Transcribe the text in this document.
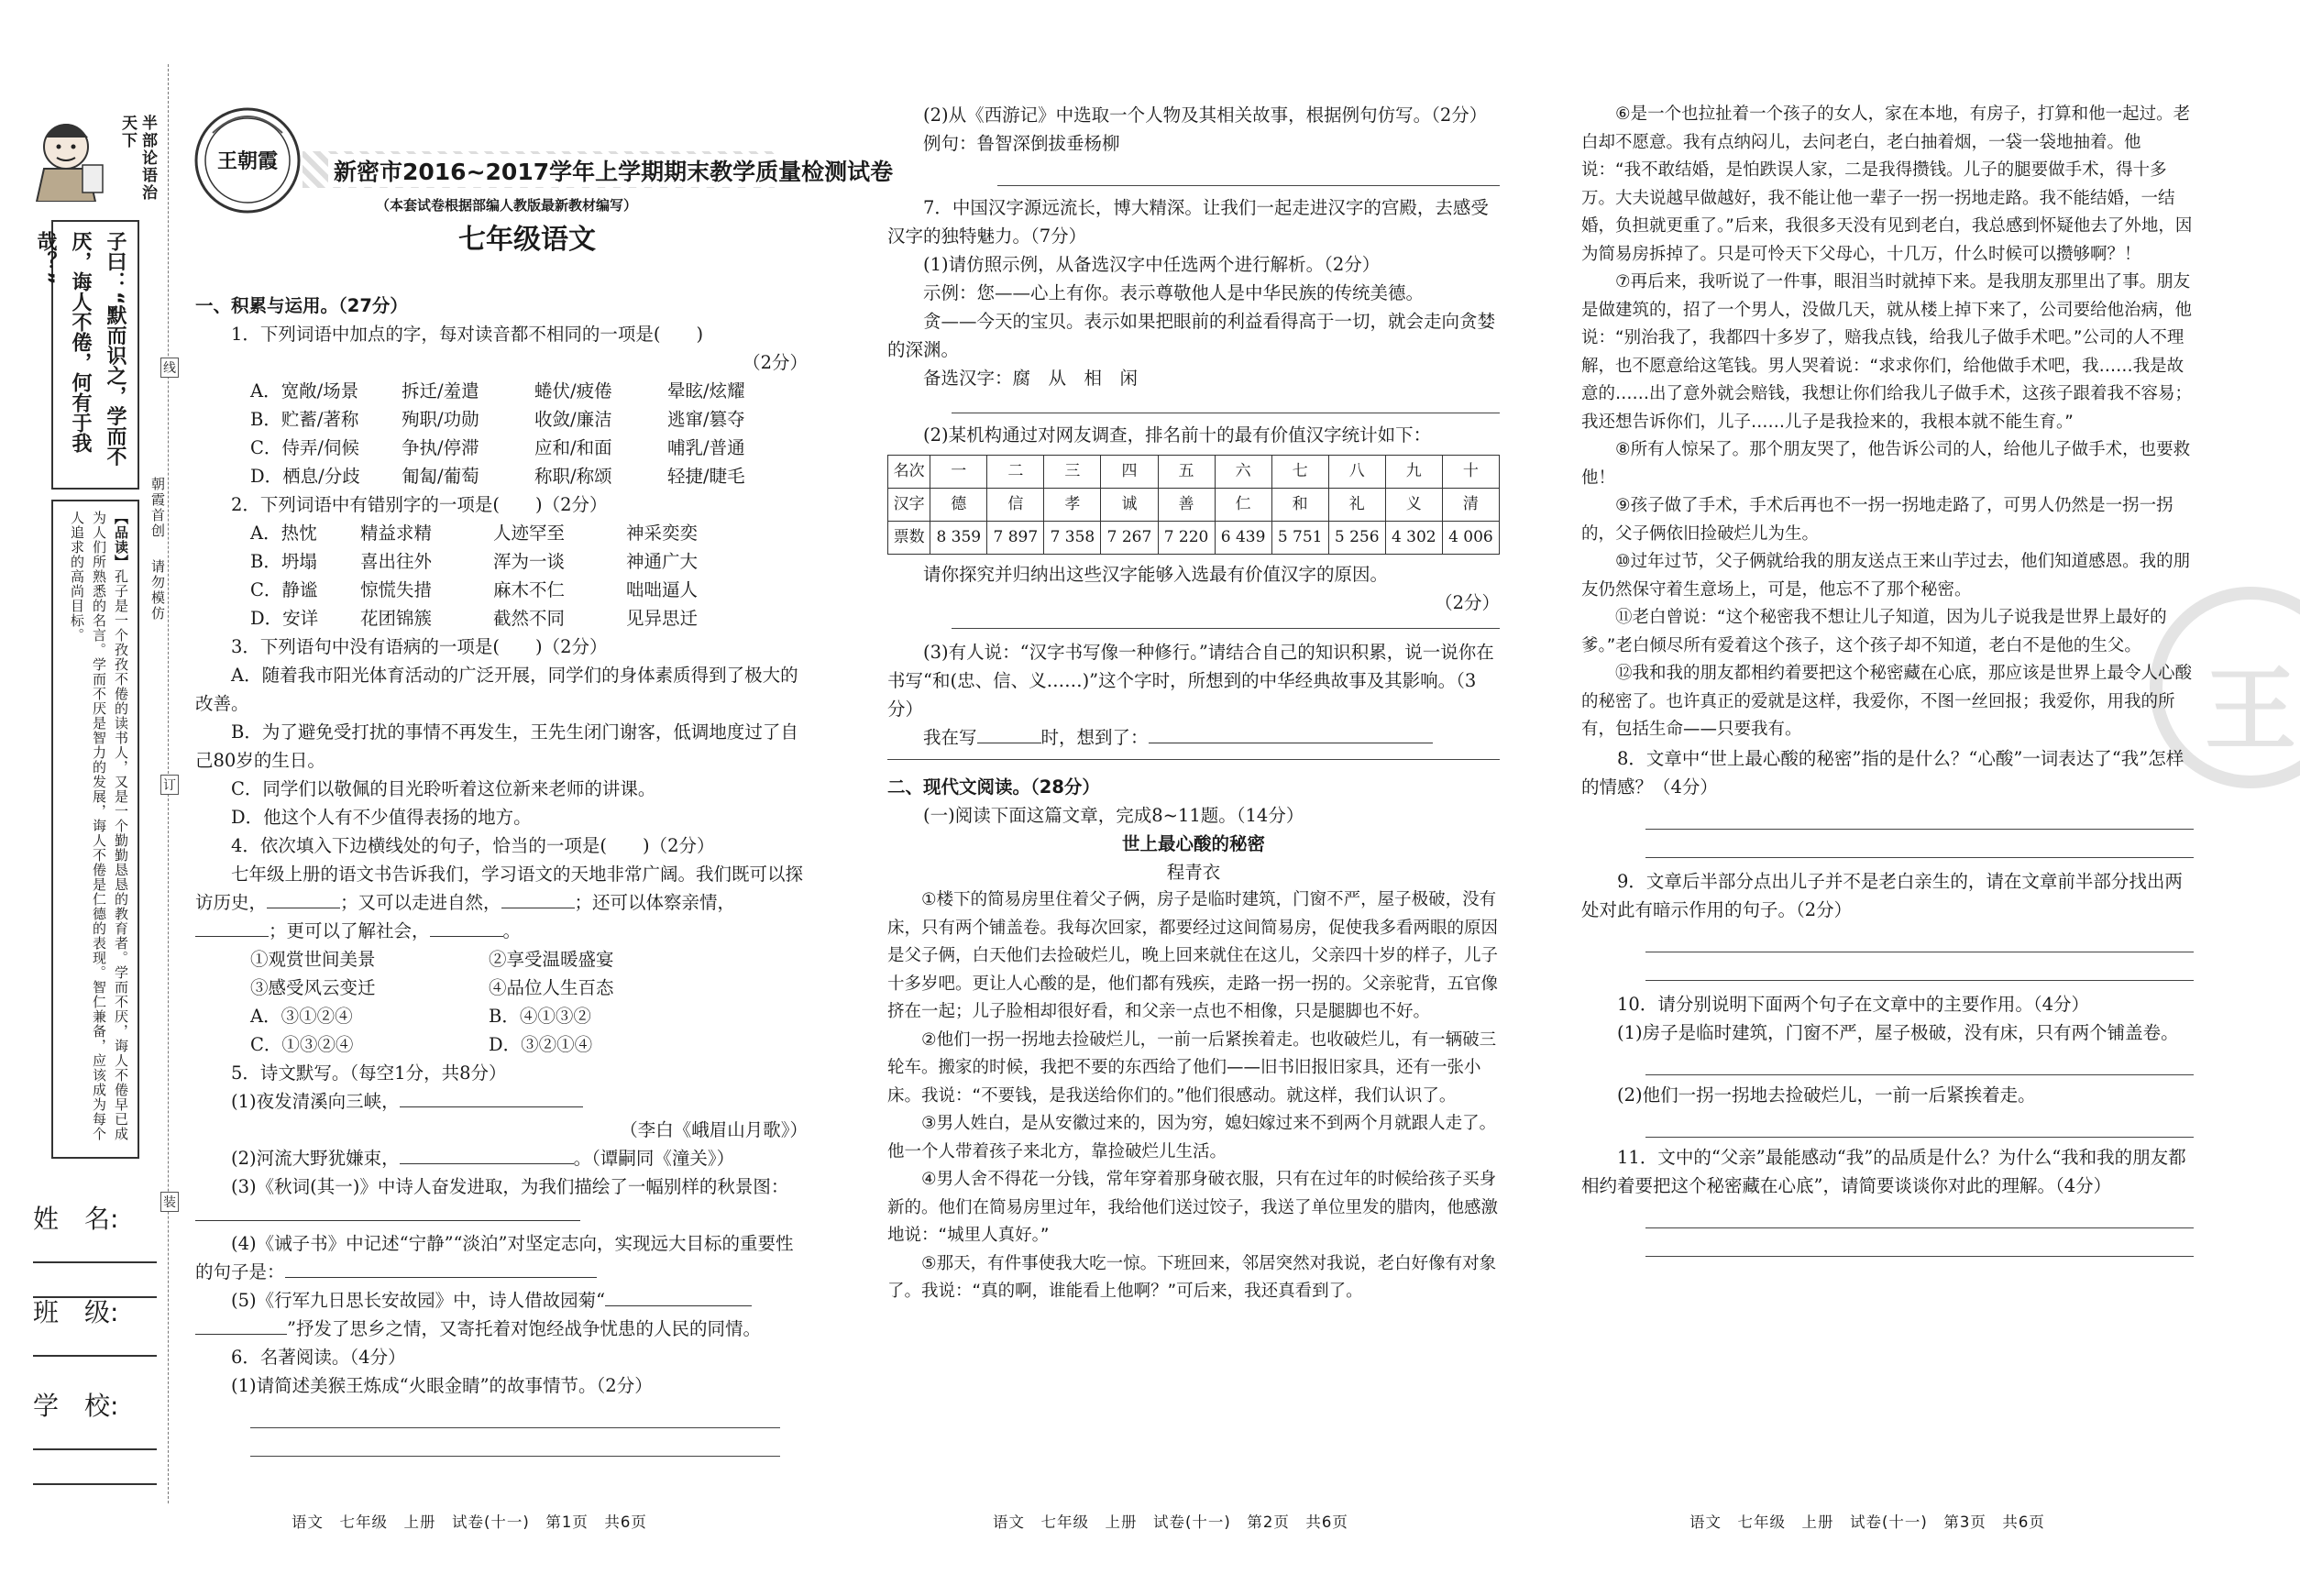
半部论语治天下
子曰：“默而识之，学而不厌，诲人不倦，何有于我哉？”
【品读】孔子是一个孜孜不倦的读书人，又是一个勤勤恳恳的教育者。学而不厌，诲人不倦早已成为人们所熟悉的名言。学而不厌是智力的发展，诲人不倦是仁德的表现。智仁兼备，应该成为每个人追求的高尚目标。
姓　名:
班　级:
学　校:
朝霞首创
请勿模仿
线
订
装
王朝霞	新密市2016~2017学年上学期期末教学质量检测试卷
（本套试卷根据部编人教版最新教材编写）
七年级语文

一、积累与运用。（27分）

1．下列词语中加点的字，每对读音都不相同的一项是(　　)

（2分）

A．宽敞/场景	拆迁/羞遣	蜷伏/疲倦	晕眩/炫耀
B．贮蓄/著称	殉职/功勋	收敛/廉洁	逃窜/篡夺
C．侍弄/伺候	争执/停滞	应和/和面	哺乳/普通
D．栖息/分歧	匍匐/葡萄	称职/称颂	轻捷/睫毛

2．下列词语中有错别字的一项是(　　)（2分）

A．热忱	精益求精	人迹罕至	神采奕奕
B．坍塌	喜出往外	浑为一谈	神通广大
C．静谧	惊慌失措	麻木不仁	咄咄逼人
D．安详	花团锦簇	截然不同	见异思迁

3．下列语句中没有语病的一项是(　　)（2分）

A．随着我市阳光体育活动的广泛开展，同学们的身体素质得到了极大的改善。

B．为了避免受打扰的事情不再发生，王先生闭门谢客，低调地度过了自己80岁的生日。

C．同学们以敬佩的目光聆听着这位新来老师的讲课。

D．他这个人有不少值得表扬的地方。

4．依次填入下边横线处的句子，恰当的一项是(　　)（2分）

七年级上册的语文书告诉我们，学习语文的天地非常广阔。我们既可以探访历史，	；又可以走进自然，	；还可以体察亲情，；更可以了解社会，	。

①观赏世间美景	②享受温暖盛宴
③感受风云变迁	④品位人生百态
A．③①②④	B．④①③②
C．①③②④	D．③②①④

5．诗文默写。（每空1分，共8分）

(1)夜发清溪向三峡，

（李白《峨眉山月歌》）

(2)河流大野犹嫌束，	。（谭嗣同《潼关》）

(3)《秋词(其一)》中诗人奋发进取，为我们描绘了一幅别样的秋景图：

(4)《诫子书》中记述“宁静”“淡泊”对坚定志向，实现远大目标的重要性的句子是：

(5)《行军九日思长安故园》中，诗人借故园菊“”抒发了思乡之情，又寄托着对饱经战争忧患的人民的同情。

6．名著阅读。（4分）

(1)请简述美猴王炼成“火眼金睛”的故事情节。（2分）

(2)从《西游记》中选取一个人物及其相关故事，根据例句仿写。（2分）

例句：鲁智深倒拔垂杨柳

7．中国汉字源远流长，博大精深。让我们一起走进汉字的宫殿，去感受汉字的独特魅力。（7分）

(1)请仿照示例，从备选汉字中任选两个进行解析。（2分）

示例：您——心上有你。表示尊敬他人是中华民族的传统美德。

贪——今天的宝贝。表示如果把眼前的利益看得高于一切，就会走向贪婪的深渊。

备选汉字：腐　从　相　闲

(2)某机构通过对网友调查，排名前十的最有价值汉字统计如下：

名次	一	二	三	四	五	六	七	八	九	十
汉字	德	信	孝	诚	善	仁	和	礼	义	清
票数	8 359	7 897	7 358	7 267	7 220	6 439	5 751	5 256	4 302	4 006

请你探究并归纳出这些汉字能够入选最有价值汉字的原因。

（2分）

(3)有人说：“汉字书写像一种修行。”请结合自己的知识积累，说一说你在书写“和(忠、信、义……)”这个字时，所想到的中华经典故事及其影响。（3分）

我在写	时，想到了：

二、现代文阅读。（28分）

(一)阅读下面这篇文章，完成8~11题。（14分）

世上最心酸的秘密

程青衣

①楼下的简易房里住着父子俩，房子是临时建筑，门窗不严，屋子极破，没有床，只有两个铺盖卷。我每次回家，都要经过这间简易房，促使我多看两眼的原因是父子俩，白天他们去捡破烂儿，晚上回来就住在这儿，父亲四十岁的样子，儿子十多岁吧。更让人心酸的是，他们都有残疾，走路一拐一拐的。父亲驼背，五官像挤在一起；儿子脸相却很好看，和父亲一点也不相像，只是腿脚也不好。

②他们一拐一拐地去捡破烂儿，一前一后紧挨着走。也收破烂儿，有一辆破三轮车。搬家的时候，我把不要的东西给了他们——旧书旧报旧家具，还有一张小床。我说：“不要钱，是我送给你们的。”他们很感动。就这样，我们认识了。

③男人姓白，是从安徽过来的，因为穷，媳妇嫁过来不到两个月就跟人走了。他一个人带着孩子来北方，靠捡破烂儿生活。

④男人舍不得花一分钱，常年穿着那身破衣服，只有在过年的时候给孩子买身新的。他们在简易房里过年，我给他们送过饺子，我送了单位里发的腊肉，他感激地说：“城里人真好。”

⑤那天，有件事使我大吃一惊。下班回来，邻居突然对我说，老白好像有对象了。我说：“真的啊，谁能看上他啊？”可后来，我还真看到了。

王

⑥是一个也拉扯着一个孩子的女人，家在本地，有房子，打算和他一起过。老白却不愿意。我有点纳闷儿，去问老白，老白抽着烟，一袋一袋地抽着。他说：“我不敢结婚，是怕跌误人家，二是我得攒钱。儿子的腿要做手术，得十多万。大夫说越早做越好，我不能让他一辈子一拐一拐地走路。我不能结婚，一结婚，负担就更重了。”后来，我很多天没有见到老白，我总感到怀疑他去了外地，因为简易房拆掉了。只是可怜天下父母心，十几万，什么时候可以攒够啊？！

⑦再后来，我听说了一件事，眼泪当时就掉下来。是我朋友那里出了事。朋友是做建筑的，招了一个男人，没做几天，就从楼上掉下来了，公司要给他治病，他说：“别治我了，我都四十多岁了，赔我点钱，给我儿子做手术吧。”公司的人不理解，也不愿意给这笔钱。男人哭着说：“求求你们，给他做手术吧，我……我是故意的……出了意外就会赔钱，我想让你们给我儿子做手术，这孩子跟着我不容易；我还想告诉你们，儿子……儿子是我捡来的，我根本就不能生育。”

⑧所有人惊呆了。那个朋友哭了，他告诉公司的人，给他儿子做手术，也要救他！

⑨孩子做了手术，手术后再也不一拐一拐地走路了，可男人仍然是一拐一拐的，父子俩依旧捡破烂儿为生。

⑩过年过节，父子俩就给我的朋友送点王来山芋过去，他们知道感恩。我的朋友仍然保守着生意场上，可是，他忘不了那个秘密。

⑪老白曾说：“这个秘密我不想让儿子知道，因为儿子说我是世界上最好的爹。”老白倾尽所有爱着这个孩子，这个孩子却不知道，老白不是他的生父。

⑫我和我的朋友都相约着要把这个秘密藏在心底，那应该是世界上最令人心酸的秘密了。也许真正的爱就是这样，我爱你，不图一丝回报；我爱你，用我的所有，包括生命——只要我有。

8．文章中“世上最心酸的秘密”指的是什么？“心酸”一词表达了“我”怎样的情感？（4分）

9．文章后半部分点出儿子并不是老白亲生的，请在文章前半部分找出两处对此有暗示作用的句子。（2分）

10．请分别说明下面两个句子在文章中的主要作用。（4分）

(1)房子是临时建筑，门窗不严，屋子极破，没有床，只有两个铺盖卷。

(2)他们一拐一拐地去捡破烂儿，一前一后紧挨着走。

11．文中的“父亲”最能感动“我”的品质是什么？为什么“我和我的朋友都相约着要把这个秘密藏在心底”，请简要谈谈你对此的理解。（4分）

语文　七年级　上册　试卷(十一)　第1页　共6页	语文　七年级　上册　试卷(十一)　第2页　共6页	语文　七年级　上册　试卷(十一)　第3页　共6页
